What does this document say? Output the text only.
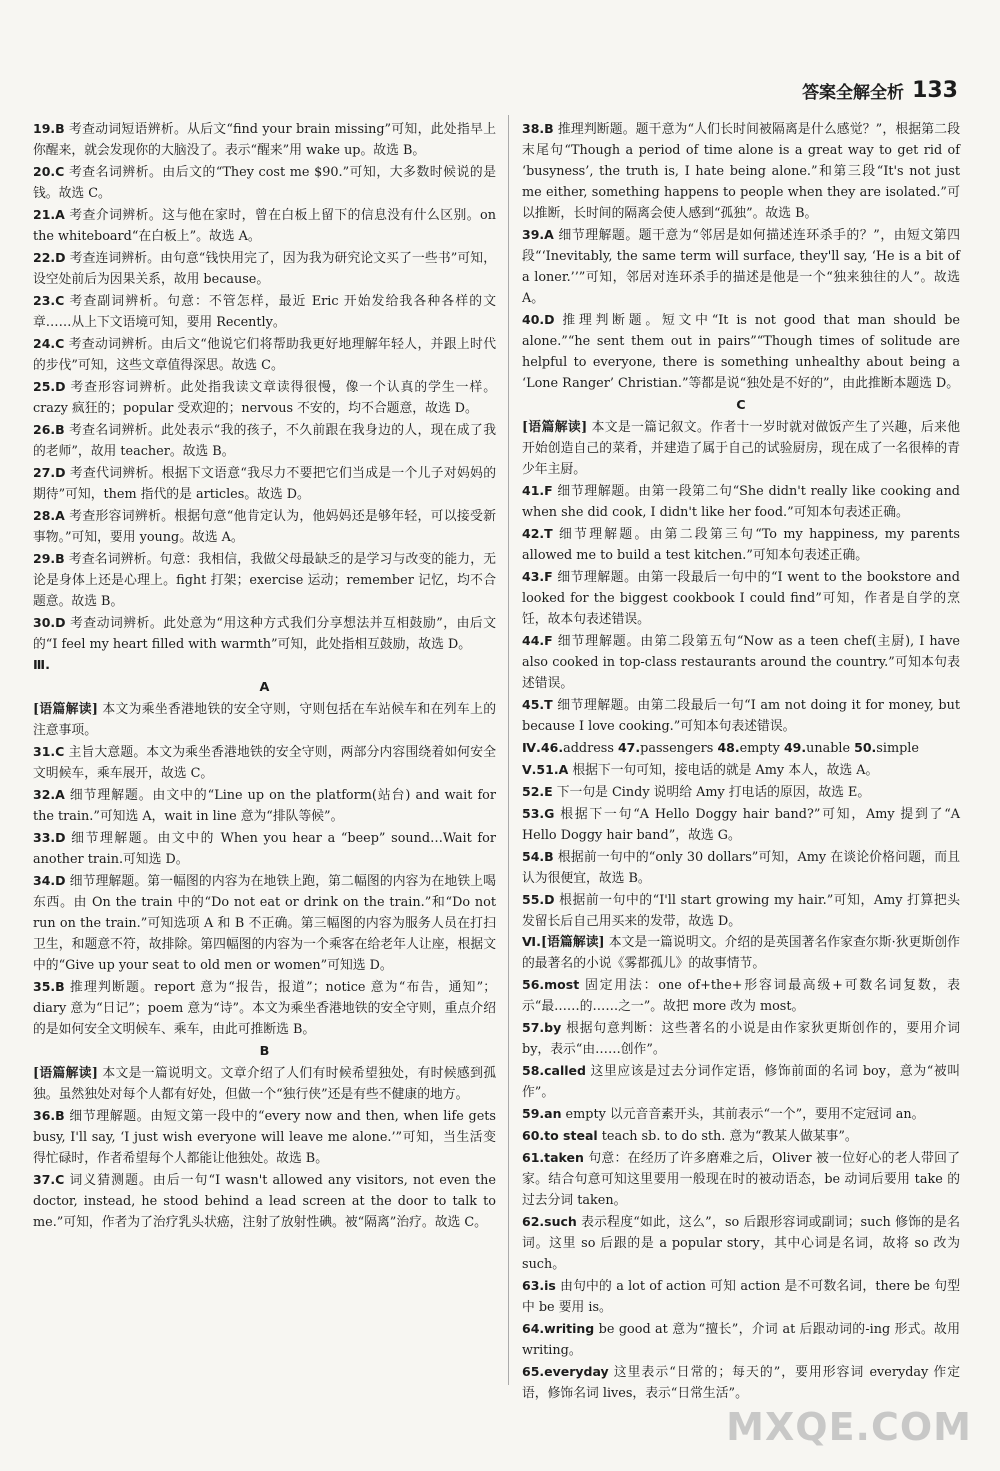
答案全解全析 133

19.B 考查动词短语辨析。从后文“find your brain missing”可知，此处指早上你醒来，就会发现你的大脑没了。表示“醒来”用 wake up。故选 B。

20.C 考查名词辨析。由后文的“They cost me $90.”可知，大多数时候说的是钱。故选 C。

21.A 考查介词辨析。这与他在家时，曾在白板上留下的信息没有什么区别。on the whiteboard“在白板上”。故选 A。

22.D 考查连词辨析。由句意“钱快用完了，因为我为研究论文买了一些书”可知，设空处前后为因果关系，故用 because。

23.C 考查副词辨析。句意：不管怎样，最近 Eric 开始发给我各种各样的文章……从上下文语境可知，要用 Recently。

24.C 考查动词辨析。由后文“他说它们将帮助我更好地理解年轻人，并跟上时代的步伐”可知，这些文章值得深思。故选 C。

25.D 考查形容词辨析。此处指我读文章读得很慢，像一个认真的学生一样。crazy 疯狂的；popular 受欢迎的；nervous 不安的，均不合题意，故选 D。

26.B 考查名词辨析。此处表示“我的孩子，不久前跟在我身边的人，现在成了我的老师”，故用 teacher。故选 B。

27.D 考查代词辨析。根据下文语意“我尽力不要把它们当成是一个儿子对妈妈的期待”可知，them 指代的是 articles。故选 D。

28.A 考查形容词辨析。根据句意“他肯定认为，他妈妈还是够年轻，可以接受新事物。”可知，要用 young。故选 A。

29.B 考查名词辨析。句意：我相信，我做父母最缺乏的是学习与改变的能力，无论是身体上还是心理上。fight 打架；exercise 运动；remember 记忆，均不合题意。故选 B。

30.D 考查动词辨析。此处意为“用这种方式我们分享想法并互相鼓励”，由后文的“I feel my heart filled with warmth”可知，此处指相互鼓励，故选 D。

Ⅲ.

A

[语篇解读] 本文为乘坐香港地铁的安全守则，守则包括在车站候车和在列车上的注意事项。

31.C 主旨大意题。本文为乘坐香港地铁的安全守则，两部分内容围绕着如何安全文明候车，乘车展开，故选 C。

32.A 细节理解题。由文中的“Line up on the platform(站台) and wait for the train.”可知选 A，wait in line 意为“排队等候”。

33.D 细节理解题。由文中的 When you hear a “beep” sound…Wait for another train.可知选 D。

34.D 细节理解题。第一幅图的内容为在地铁上跑，第二幅图的内容为在地铁上喝东西。由 On the train 中的“Do not eat or drink on the train.”和“Do not run on the train.”可知选项 A 和 B 不正确。第三幅图的内容为服务人员在打扫卫生，和题意不符，故排除。第四幅图的内容为一个乘客在给老年人让座，根据文中的“Give up your seat to old men or women”可知选 D。

35.B 推理判断题。report 意为“报告，报道”；notice 意为“布告，通知”；diary 意为“日记”；poem 意为“诗”。本文为乘坐香港地铁的安全守则，重点介绍的是如何安全文明候车、乘车，由此可推断选 B。

B

[语篇解读] 本文是一篇说明文。文章介绍了人们有时候希望独处，有时候感到孤独。虽然独处对每个人都有好处，但做一个“独行侠”还是有些不健康的地方。

36.B 细节理解题。由短文第一段中的“every now and then, when life gets busy, I'll say, ‘I just wish everyone will leave me alone.’”可知，当生活变得忙碌时，作者希望每个人都能让他独处。故选 B。

37.C 词义猜测题。由后一句“I wasn't allowed any visitors, not even the doctor, instead, he stood behind a lead screen at the door to talk to me.”可知，作者为了治疗乳头状癌，注射了放射性碘。被“隔离”治疗。故选 C。

38.B 推理判断题。题干意为“人们长时间被隔离是什么感觉？”，根据第二段末尾句“Though a period of time alone is a great way to get rid of ‘busyness’, the truth is, I hate being alone.”和第三段“It's not just me either, something happens to people when they are isolated.”可以推断，长时间的隔离会使人感到“孤独”。故选 B。

39.A 细节理解题。题干意为“邻居是如何描述连环杀手的？”，由短文第四段“‘Inevitably, the same term will surface, they'll say, ‘He is a bit of a loner.’’”可知，邻居对连环杀手的描述是他是一个“独来独往的人”。故选 A。

40.D 推理判断题。短文中“It is not good that man should be alone.”“he sent them out in pairs”“Though times of solitude are helpful to everyone, there is something unhealthy about being a ‘Lone Ranger’ Christian.”等都是说“独处是不好的”，由此推断本题选 D。

C

[语篇解读] 本文是一篇记叙文。作者十一岁时就对做饭产生了兴趣，后来他开始创造自己的菜肴，并建造了属于自己的试验厨房，现在成了一名很棒的青少年主厨。

41.F 细节理解题。由第一段第二句“She didn't really like cooking and when she did cook, I didn't like her food.”可知本句表述正确。

42.T 细节理解题。由第二段第三句“To my happiness, my parents allowed me to build a test kitchen.”可知本句表述正确。

43.F 细节理解题。由第一段最后一句中的“I went to the bookstore and looked for the biggest cookbook I could find”可知，作者是自学的烹饪，故本句表述错误。

44.F 细节理解题。由第二段第五句“Now as a teen chef(主厨), I have also cooked in top-class restaurants around the country.”可知本句表述错误。

45.T 细节理解题。由第二段最后一句“I am not doing it for money, but because I love cooking.”可知本句表述错误。

Ⅳ.46.address 47.passengers 48.empty 49.unable 50.simple

Ⅴ.51.A 根据下一句可知，接电话的就是 Amy 本人，故选 A。

52.E 下一句是 Cindy 说明给 Amy 打电话的原因，故选 E。

53.G 根据下一句“A Hello Doggy hair band?”可知，Amy 提到了“A Hello Doggy hair band”，故选 G。

54.B 根据前一句中的“only 30 dollars”可知，Amy 在谈论价格问题，而且认为很便宜，故选 B。

55.D 根据前一句中的“I'll start growing my hair.”可知，Amy 打算把头发留长后自己用买来的发带，故选 D。

Ⅵ.[语篇解读] 本文是一篇说明文。介绍的是英国著名作家查尔斯·狄更斯创作的最著名的小说《雾都孤儿》的故事情节。

56.most 固定用法：one of+the+形容词最高级+可数名词复数，表示“最……的……之一”。故把 more 改为 most。

57.by 根据句意判断：这些著名的小说是由作家狄更斯创作的，要用介词 by，表示“由……创作”。

58.called 这里应该是过去分词作定语，修饰前面的名词 boy，意为“被叫作”。

59.an empty 以元音音素开头，其前表示“一个”，要用不定冠词 an。

60.to steal teach sb. to do sth. 意为“教某人做某事”。

61.taken 句意：在经历了许多磨难之后，Oliver 被一位好心的老人带回了家。结合句意可知这里要用一般现在时的被动语态，be 动词后要用 take 的过去分词 taken。

62.such 表示程度“如此，这么”，so 后跟形容词或副词；such 修饰的是名词。这里 so 后跟的是 a popular story，其中心词是名词，故将 so 改为 such。

63.is 由句中的 a lot of action 可知 action 是不可数名词，there be 句型中 be 要用 is。

64.writing be good at 意为“擅长”，介词 at 后跟动词的-ing 形式。故用 writing。

65.everyday 这里表示“日常的；每天的”，要用形容词 everyday 作定语，修饰名词 lives，表示“日常生活”。

MXQE.COM
